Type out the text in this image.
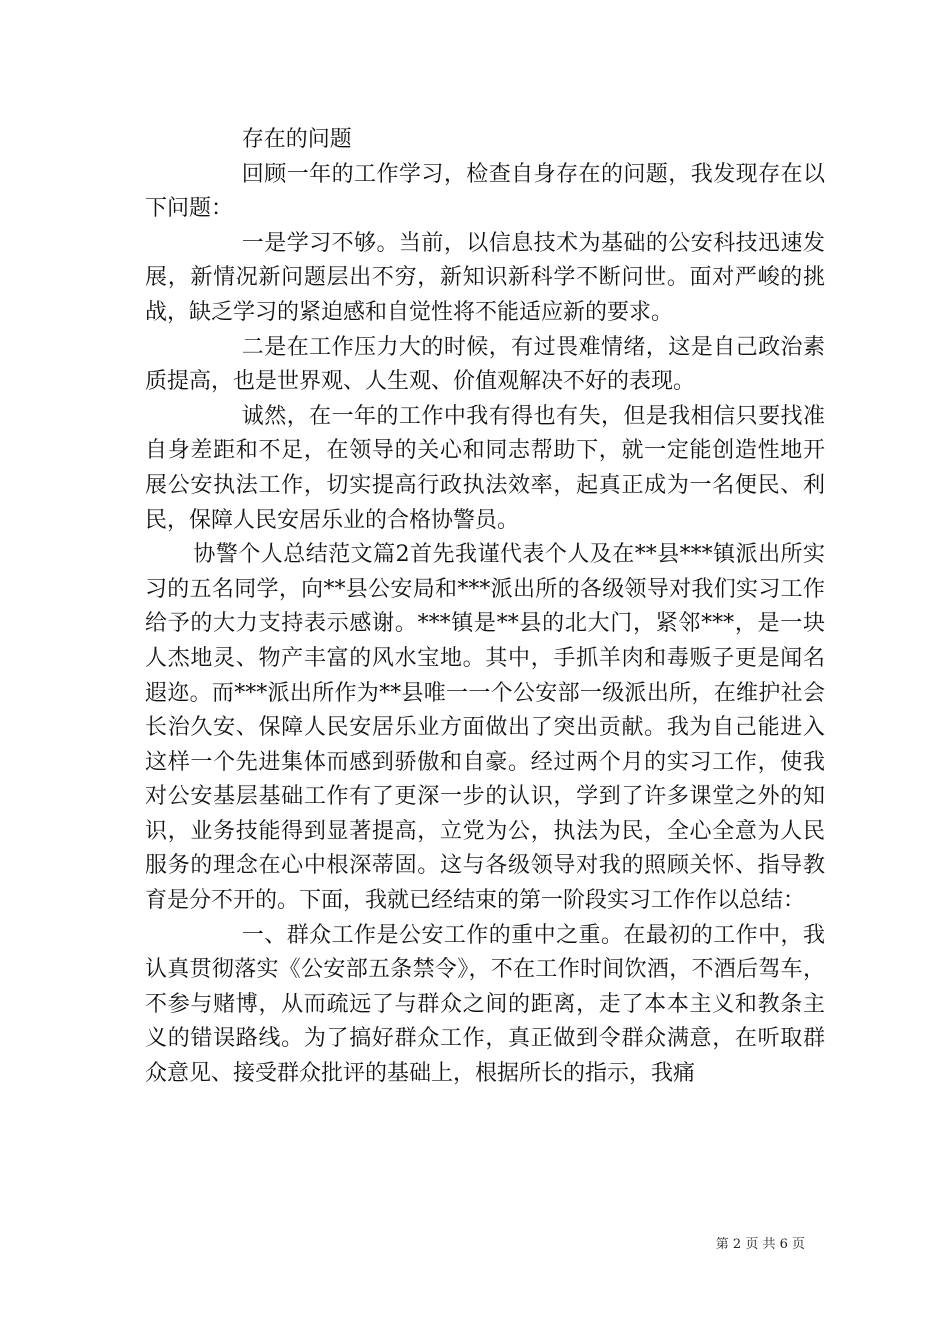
存在的问题

回顾一年的工作学习，检查自身存在的问题，我发现存在以下问题：

一是学习不够。当前，以信息技术为基础的公安科技迅速发展，新情况新问题层出不穷，新知识新科学不断问世。面对严峻的挑战，缺乏学习的紧迫感和自觉性将不能适应新的要求。

二是在工作压力大的时候，有过畏难情绪，这是自己政治素质提高，也是世界观、人生观、价值观解决不好的表现。

诚然，在一年的工作中我有得也有失，但是我相信只要找准自身差距和不足，在领导的关心和同志帮助下，就一定能创造性地开展公安执法工作，切实提高行政执法效率，起真正成为一名便民、利民，保障人民安居乐业的合格协警员。

协警个人总结范文篇2首先我谨代表个人及在**县***镇派出所实习的五名同学，向**县公安局和***派出所的各级领导对我们实习工作给予的大力支持表示感谢。***镇是**县的北大门，紧邻***，是一块人杰地灵、物产丰富的风水宝地。其中，手抓羊肉和毒贩子更是闻名遐迩。而***派出所作为**县唯一一个公安部一级派出所，在维护社会长治久安、保障人民安居乐业方面做出了突出贡献。我为自己能进入这样一个先进集体而感到骄傲和自豪。经过两个月的实习工作，使我对公安基层基础工作有了更深一步的认识，学到了许多课堂之外的知识，业务技能得到显著提高，立党为公，执法为民，全心全意为人民服务的理念在心中根深蒂固。这与各级领导对我的照顾关怀、指导教育是分不开的。下面，我就已经结束的第一阶段实习工作作以总结：

一、群众工作是公安工作的重中之重。在最初的工作中，我认真贯彻落实《公安部五条禁令》，不在工作时间饮酒，不酒后驾车，不参与赌博，从而疏远了与群众之间的距离，走了本本主义和教条主义的错误路线。为了搞好群众工作，真正做到令群众满意，在听取群众意见、接受群众批评的基础上，根据所长的指示，我痛

第 2 页 共 6 页
